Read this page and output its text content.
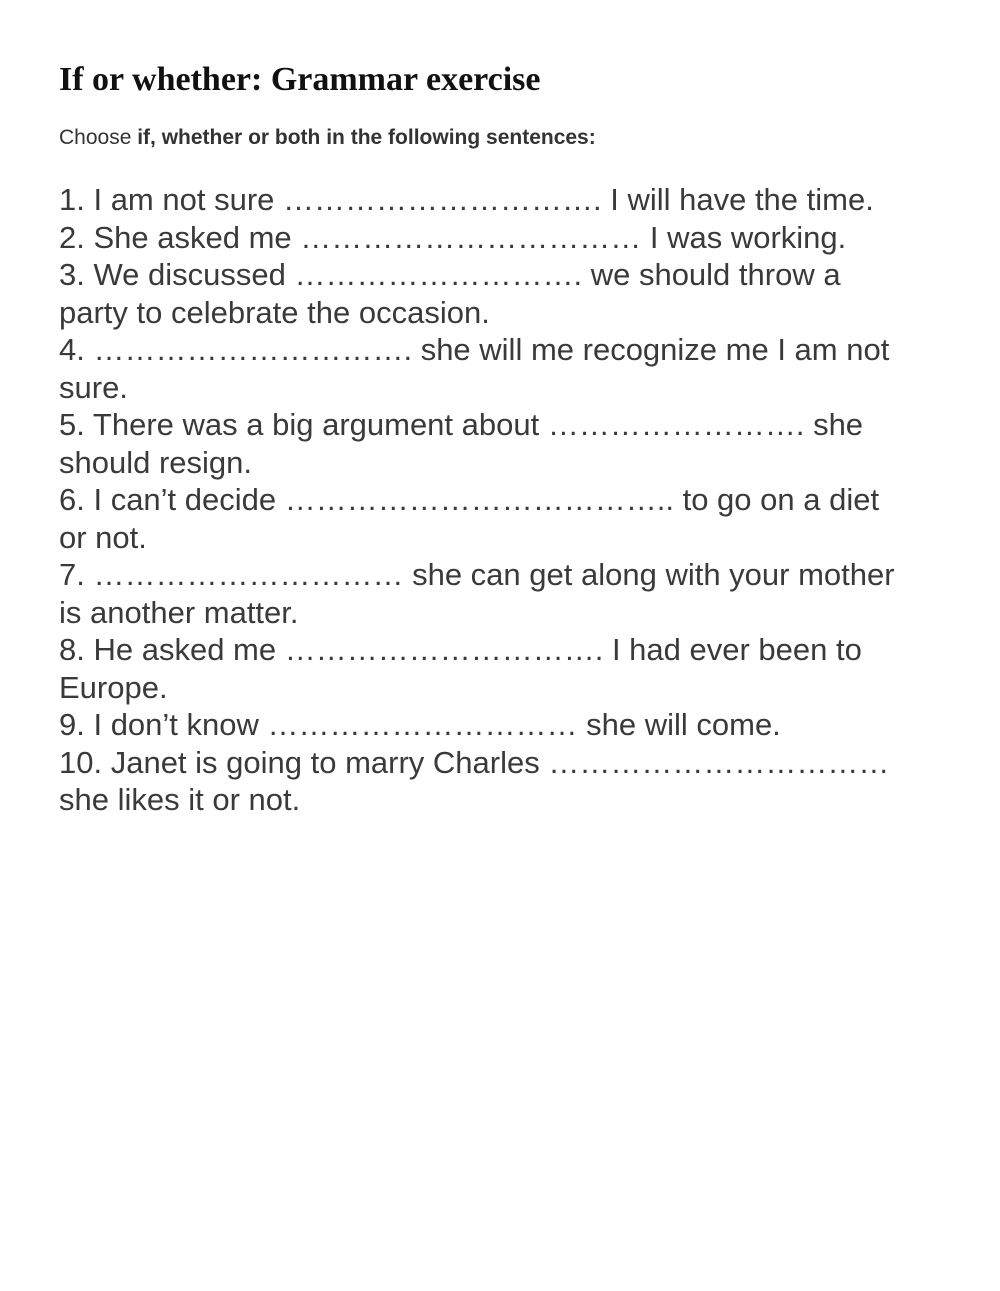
If or whether: Grammar exercise

Choose if, whether or both in the following sentences:

1. I am not sure …………………………. I will have the time.
2. She asked me …………………………… I was working.
3. We discussed ………………………. we should throw a
party to celebrate the occasion.
4. …………………………. she will me recognize me I am not
sure.
5. There was a big argument about ……………………. she
should resign.
6. I can’t decide ……………………………….. to go on a diet
or not.
7. ………………………… she can get along with your mother
is another matter.
8. He asked me …………………………. I had ever been to
Europe.
9. I don’t know ………………………… she will come.
10. Janet is going to marry Charles ……………………………
she likes it or not.
